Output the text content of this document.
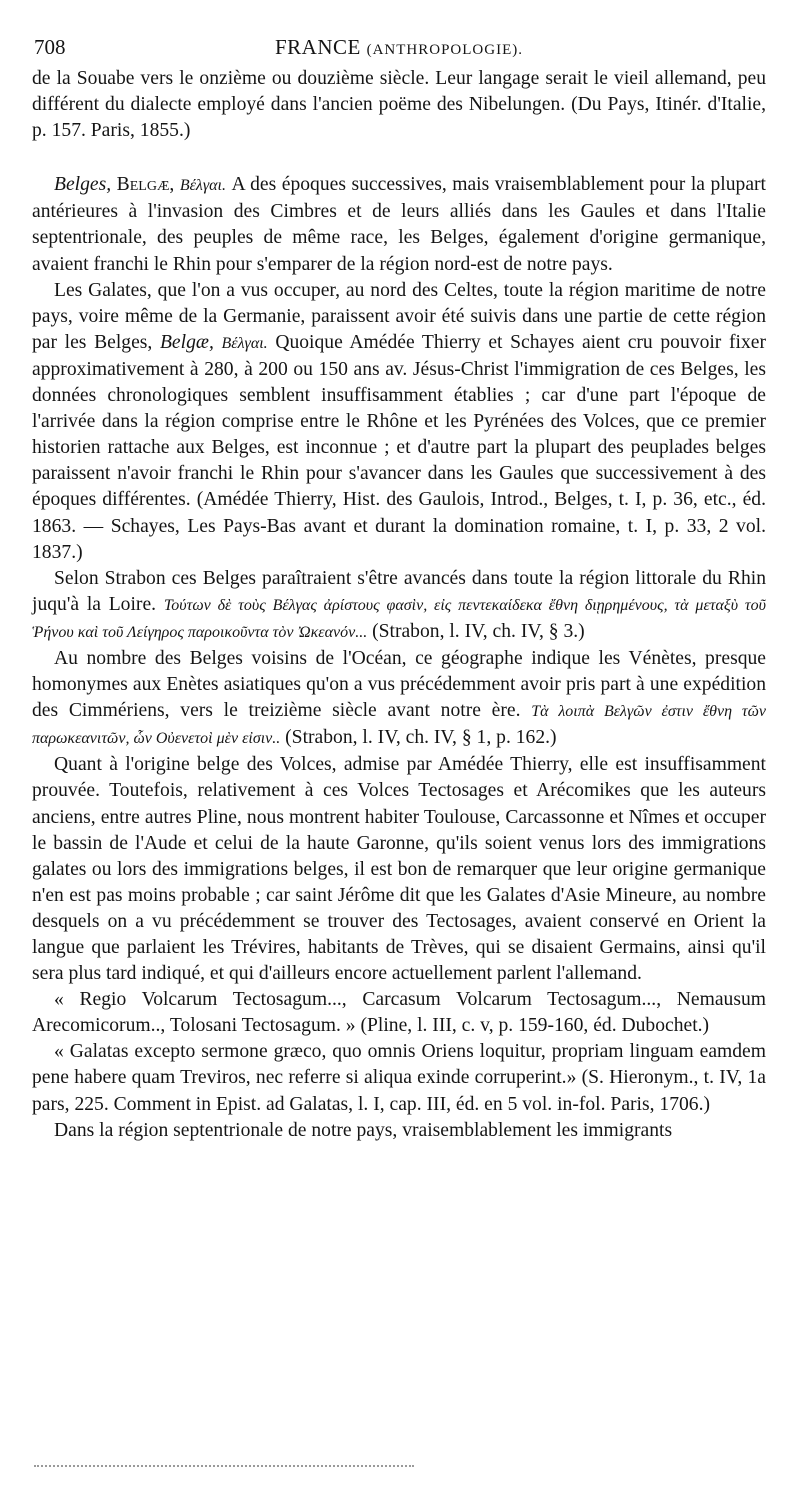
708	FRANCE (ANTHROPOLOGIE).

de la Souabe vers le onzième ou douzième siècle. Leur langage serait le vieil allemand, peu différent du dialecte employé dans l'ancien poëme des Nibelungen. (Du Pays, Itinér. d'Italie, p. 157. Paris, 1855.)

Belges, Belgæ, Βέλγαι. A des époques successives, mais vraisemblablement pour la plupart antérieures à l'invasion des Cimbres et de leurs alliés dans les Gaules et dans l'Italie septentrionale, des peuples de même race, les Belges, également d'origine germanique, avaient franchi le Rhin pour s'emparer de la région nord-est de notre pays.

Les Galates, que l'on a vus occuper, au nord des Celtes, toute la région maritime de notre pays, voire même de la Germanie, paraissent avoir été suivis dans une partie de cette région par les Belges, Belgæ, Βέλγαι. Quoique Amédée Thierry et Schayes aient cru pouvoir fixer approximativement à 280, à 200 ou 150 ans av. Jésus-Christ l'immigration de ces Belges, les données chronologiques semblent insuffisamment établies ; car d'une part l'époque de l'arrivée dans la région comprise entre le Rhône et les Pyrénées des Volces, que ce premier historien rattache aux Belges, est inconnue ; et d'autre part la plupart des peuplades belges paraissent n'avoir franchi le Rhin pour s'avancer dans les Gaules que successivement à des époques différentes. (Amédée Thierry, Hist. des Gaulois, Introd., Belges, t. I, p. 36, etc., éd. 1863. — Schayes, Les Pays-Bas avant et durant la domination romaine, t. I, p. 33, 2 vol. 1837.)

Selon Strabon ces Belges paraîtraient s'être avancés dans toute la région littorale du Rhin juqu'à la Loire. Τούτων δὲ τοὺς Βέλγας ἀρίστους φασὶν, εἰς πεντεκαίδεκα ἔθνη διῃρημένους, τὰ μεταξὺ τοῦ Ῥήνου καὶ τοῦ Λείγηρος παροικοῦντα τὸν Ὠκεανόν... (Strabon, l. IV, ch. IV, § 3.)

Au nombre des Belges voisins de l'Océan, ce géographe indique les Vénètes, presque homonymes aux Enètes asiatiques qu'on a vus précédemment avoir pris part à une expédition des Cimmériens, vers le treizième siècle avant notre ère. Τὰ λοιπὰ Βελγῶν ἐστιν ἔθνη τῶν παρωκεανιτῶν, ὧν Οὐενετοὶ μὲν εἰσιν.. (Strabon, l. IV, ch. IV, § 1, p. 162.)

Quant à l'origine belge des Volces, admise par Amédée Thierry, elle est insuffisamment prouvée. Toutefois, relativement à ces Volces Tectosages et Arécomikes que les auteurs anciens, entre autres Pline, nous montrent habiter Toulouse, Carcassonne et Nîmes et occuper le bassin de l'Aude et celui de la haute Garonne, qu'ils soient venus lors des immigrations galates ou lors des immigrations belges, il est bon de remarquer que leur origine germanique n'en est pas moins probable ; car saint Jérôme dit que les Galates d'Asie Mineure, au nombre desquels on a vu précédemment se trouver des Tectosages, avaient conservé en Orient la langue que parlaient les Trévires, habitants de Trèves, qui se disaient Germains, ainsi qu'il sera plus tard indiqué, et qui d'ailleurs encore actuellement parlent l'allemand.

« Regio Volcarum Tectosagum..., Carcasum Volcarum Tectosagum..., Nemausum Arecomicorum.., Tolosani Tectosagum. » (Pline, l. III, c. v, p. 159-160, éd. Dubochet.)

« Galatas excepto sermone græco, quo omnis Oriens loquitur, propriam linguam eamdem pene habere quam Treviros, nec referre si aliqua exinde corruperint.» (S. Hieronym., t. IV, 1a pars, 225. Comment in Epist. ad Galatas, l. I, cap. III, éd. en 5 vol. in-fol. Paris, 1706.)

Dans la région septentrionale de notre pays, vraisemblablement les immigrants
